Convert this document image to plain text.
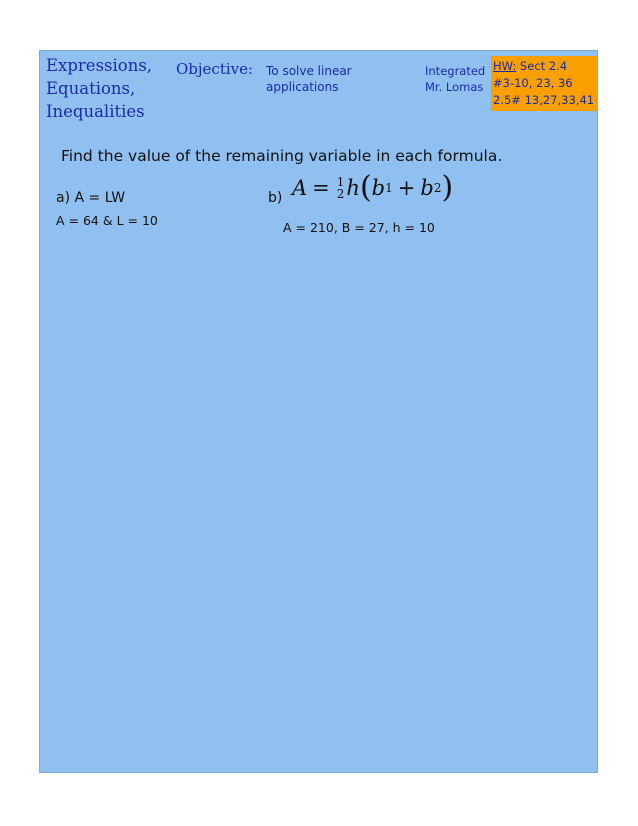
Expressions,
Equations,
Inequalities
Objective: To solve linear
applications
Integrated
Mr. Lomas
HW: Sect 2.4
#3-10, 23, 36
2.5# 13,27,33,41
Find the value of the remaining variable in each formula.
a) A = LW
A = 64 & L = 10
b) A = 1
2 h ( b 1 + b 2 )
A = 210, B = 27, h = 10
